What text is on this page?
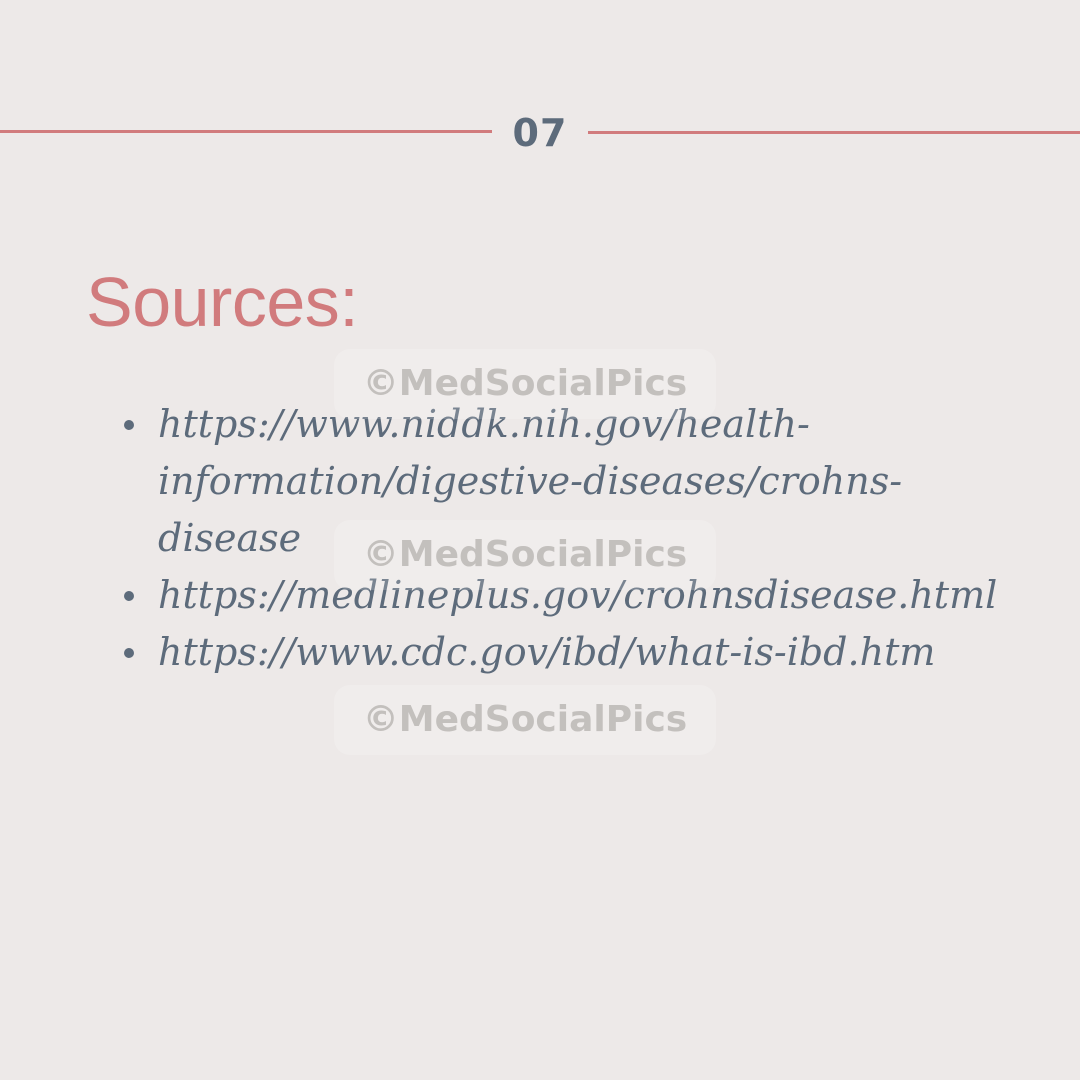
07
Sources:
https://www.niddk.nih.gov/health-
information/digestive-diseases/crohns-
disease
https://medlineplus.gov/crohnsdisease.html
https://www.cdc.gov/ibd/what-is-ibd.htm
©MedSocialPics
©MedSocialPics
©MedSocialPics
